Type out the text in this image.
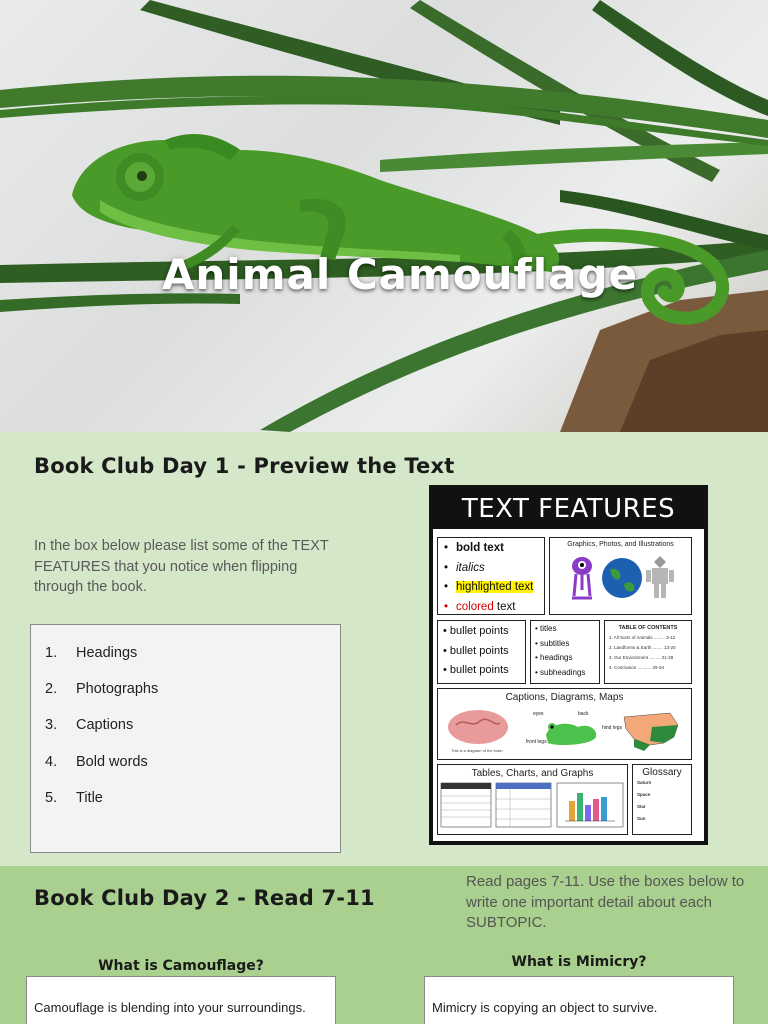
Animal Camouflage
Book Club Day 1 - Preview the Text
In the box below please list some of the TEXT FEATURES that you notice when flipping through the book.
1.	Headings
2.	Photographs
3.	Captions
4.	Bold words
5.	Title
TEXT FEATURES
• bold text
• italics
• highlighted text
• colored text
Graphics, Photos, and Illustrations
• bullet points
• bullet points
• bullet points
• titles
• subtitles
• headings
• subheadings
TABLE OF CONTENTS
1. All Sorts of Animals ......... 3-12
2. Landforms & Earth ........ 13-20
3. Our Environment ......... 21-28
4. Conclusion ........... 29-34
Captions, Diagrams, Maps
This is a diagram of the brain
eyes	back
front legs
hind legs
Tables, Charts, and Graphs	Glossary
Saturn
Space
Star
Sun
Book Club Day 2 - Read 7-11
Read pages 7-11. Use the boxes below to write one important detail about each SUBTOPIC.
What is Camouflage?
Camouflage is blending into your surroundings.
What is Mimicry?
Mimicry is copying an object to survive.
